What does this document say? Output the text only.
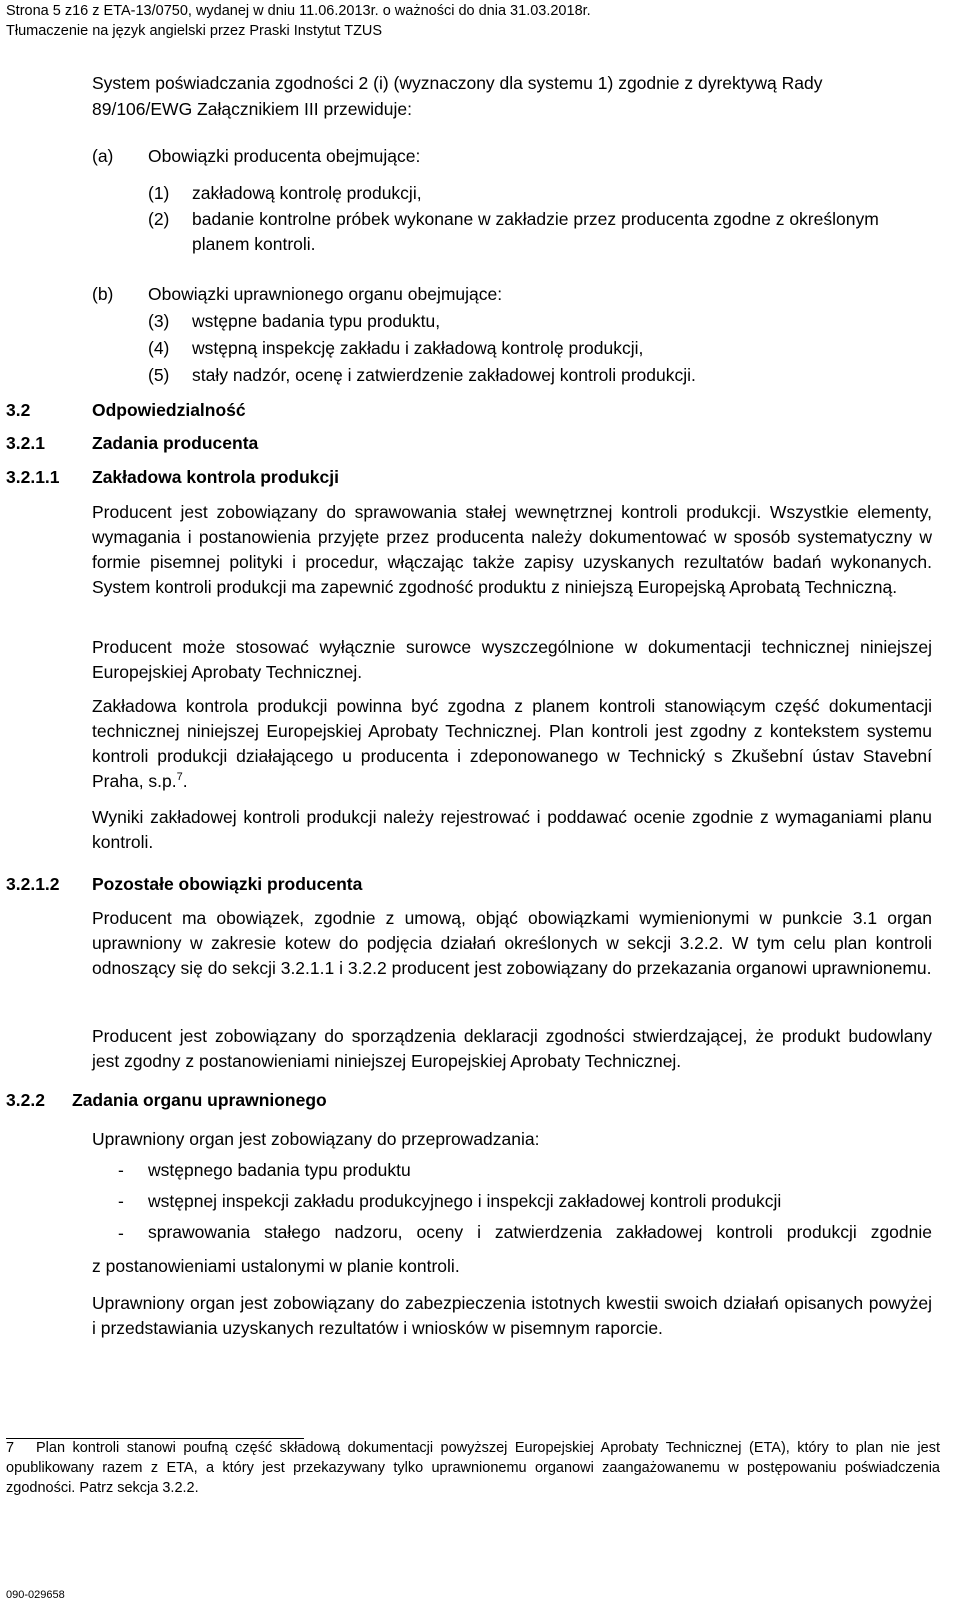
Strona 5 z16 z ETA-13/0750, wydanej w dniu 11.06.2013r. o ważności do dnia 31.03.2018r.
Tłumaczenie na język angielski przez Praski Instytut TZUS
System poświadczania zgodności 2 (i) (wyznaczony dla systemu 1) zgodnie z dyrektywą Rady
89/106/EWG Załącznikiem III przewiduje:
(a) Obowiązki producenta obejmujące:
(1) zakładową kontrolę produkcji,
(2) badanie kontrolne próbek wykonane w zakładzie przez producenta zgodne z określonym
planem kontroli.
(b) Obowiązki uprawnionego organu obejmujące:
(3) wstępne badania typu produktu,
(4) wstępną inspekcję zakładu i zakładową kontrolę produkcji,
(5) stały nadzór, ocenę i zatwierdzenie zakładowej kontroli produkcji.
3.2	Odpowiedzialność
3.2.1	Zadania producenta
3.2.1.1 Zakładowa kontrola produkcji
Producent jest zobowiązany do sprawowania stałej wewnętrznej kontroli produkcji. Wszystkie elementy, wymagania i postanowienia przyjęte przez producenta należy dokumentować w sposób systematyczny w formie pisemnej polityki i procedur, włączając także zapisy uzyskanych rezultatów badań wykonanych. System kontroli produkcji ma zapewnić zgodność produktu z niniejszą Europejską Aprobatą Techniczną.
Producent może stosować wyłącznie surowce wyszczególnione w dokumentacji technicznej niniejszej Europejskiej Aprobaty Technicznej.
Zakładowa kontrola produkcji powinna być zgodna z planem kontroli stanowiącym część dokumentacji technicznej niniejszej Europejskiej Aprobaty Technicznej. Plan kontroli jest zgodny z kontekstem systemu kontroli produkcji działającego u producenta i zdeponowanego w Technický s Zkušební ústav Stavební Praha, s.p.$^7$.
Wyniki zakładowej kontroli produkcji należy rejestrować i poddawać ocenie zgodnie z wymaganiami planu kontroli.
3.2.1.2 Pozostałe obowiązki producenta
Producent ma obowiązek, zgodnie z umową, objąć obowiązkami wymienionymi w punkcie 3.1 organ uprawniony w zakresie kotew do podjęcia działań określonych w sekcji 3.2.2. W tym celu plan kontroli odnoszący się do sekcji 3.2.1.1 i 3.2.2 producent jest zobowiązany do przekazania organowi uprawnionemu.
Producent jest zobowiązany do sporządzenia deklaracji zgodności stwierdzającej, że produkt budowlany jest zgodny z postanowieniami niniejszej Europejskiej Aprobaty Technicznej.
3.2.2 Zadania organu uprawnionego
Uprawniony organ jest zobowiązany do przeprowadzania:
- wstępnego badania typu produktu
- wstępnej inspekcji zakładu produkcyjnego i inspekcji zakładowej kontroli produkcji
- sprawowania stałego nadzoru, oceny i zatwierdzenia zakładowej kontroli produkcji zgodnie
z postanowieniami ustalonymi w planie kontroli.
Uprawniony organ jest zobowiązany do zabezpieczenia istotnych kwestii swoich działań opisanych powyżej i przedstawiania uzyskanych rezultatów i wniosków w pisemnym raporcie.
7	Plan kontroli stanowi poufną część składową dokumentacji powyższej Europejskiej Aprobaty Technicznej (ETA), który to plan nie jest opublikowany razem z ETA, a który jest przekazywany tylko uprawnionemu organowi zaangażowanemu w postępowaniu poświadczenia zgodności. Patrz sekcja 3.2.2.
090-029658
